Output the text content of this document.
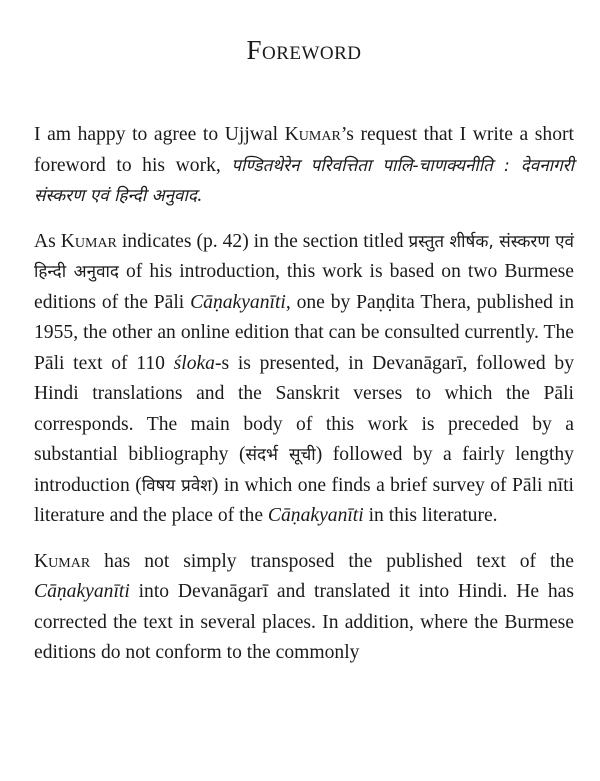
Foreword

I am happy to agree to Ujjwal Kumar’s request that I write a short foreword to his work, पण्डितथेरेन परिवत्तिता पालि-चाणक्यनीति : देवनागरी संस्करण एवं हिन्दी अनुवाद.

As Kumar indicates (p. 42) in the section titled प्रस्तुत शीर्षक, संस्करण एवं हिन्दी अनुवाद of his introduction, this work is based on two Burmese editions of the Pāli Cāṇakyanīti, one by Paṇḍita Thera, published in 1955, the other an online edition that can be consulted currently. The Pāli text of 110 śloka-s is presented, in Devanāgarī, followed by Hindi translations and the Sanskrit verses to which the Pāli corresponds. The main body of this work is preceded by a substantial bibliography (संदर्भ सूची) followed by a fairly lengthy introduction (विषय प्रवेश) in which one finds a brief survey of Pāli nīti literature and the place of the Cāṇakyanīti in this literature.

Kumar has not simply transposed the published text of the Cāṇakyanīti into Devanāgarī and translated it into Hindi. He has corrected the text in several places. In addition, where the Burmese editions do not conform to the commonly
